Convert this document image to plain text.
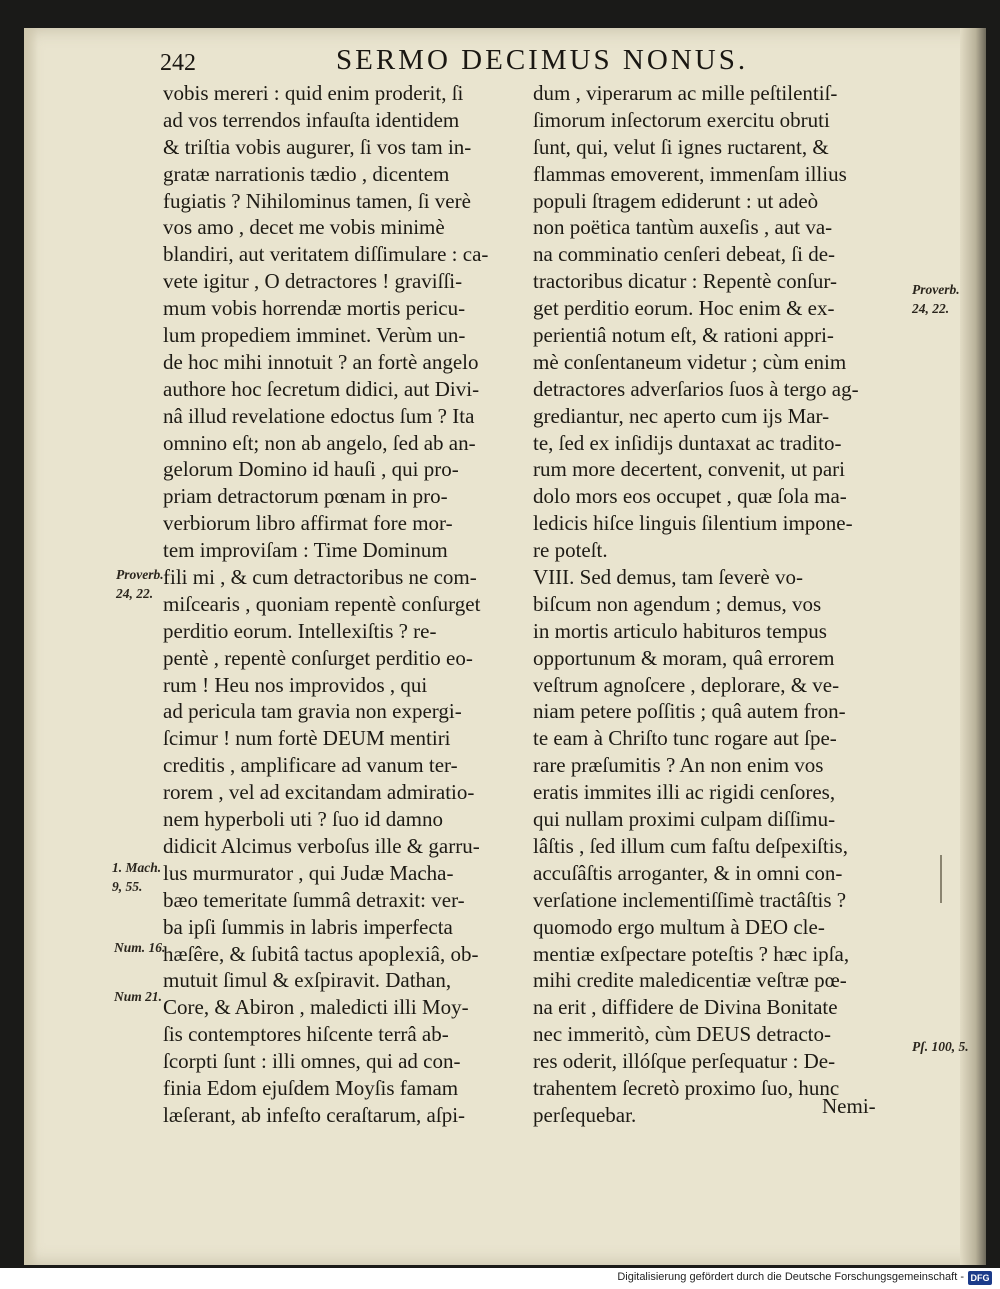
242	SERMO DECIMUS NONUS.
vobis mereri : quid enim proderit, ſi
ad vos terrendos infauſta identidem
& triſtia vobis augurer, ſi vos tam in-
gratæ narrationis tædio , dicentem
fugiatis ? Nihilominus tamen, ſi verè
vos amo , decet me vobis minimè
blandiri, aut veritatem diſſimulare : ca-
vete igitur , O detractores ! graviſſi-
mum vobis horrendæ mortis pericu-
lum propediem imminet. Verùm un-
de hoc mihi innotuit ? an fortè angelo
authore hoc ſecretum didici, aut Divi-
nâ illud revelatione edoctus ſum ? Ita
omnino eſt; non ab angelo, ſed ab an-
gelorum Domino id hauſi , qui pro-
priam detractorum pœnam in pro-
verbiorum libro affirmat fore mor-
tem improviſam : Time Dominum
fili mi , & cum detractoribus ne com-
miſcearis , quoniam repentè conſurget
perditio eorum. Intellexiſtis ? re-
pentè , repentè conſurget perditio eo-
rum ! Heu nos improvidos , qui
ad pericula tam gravia non expergi-
ſcimur ! num fortè DEUM mentiri
creditis , amplificare ad vanum ter-
rorem , vel ad excitandam admiratio-
nem hyperboli uti ? ſuo id damno
didicit Alcimus verboſus ille & garru-
lus murmurator , qui Judæ Macha-
bæo temeritate ſummâ detraxit: ver-
ba ipſi ſummis in labris imperfecta
hæſêre, & ſubitâ tactus apoplexiâ, ob-
mutuit ſimul & exſpiravit. Dathan,
Core, & Abiron , maledicti illi Moy-
ſis contemptores hiſcente terrâ ab-
ſcorpti ſunt : illi omnes, qui ad con-
finia Edom ejuſdem Moyſis famam
læſerant, ab infeſto ceraſtarum, aſpi-
dum , viperarum ac mille peſtilentiſ-
ſimorum inſectorum exercitu obruti
ſunt, qui, velut ſi ignes ructarent, &
flammas emoverent, immenſam illius
populi ſtragem ediderunt : ut adeò
non poëtica tantùm auxeſis , aut va-
na comminatio cenſeri debeat, ſi de-
tractoribus dicatur : Repentè conſur-
get perditio eorum. Hoc enim & ex-
perientiâ notum eſt, & rationi appri-
mè conſentaneum videtur ; cùm enim
detractores adverſarios ſuos à tergo ag-
grediantur, nec aperto cum ijs Mar-
te, ſed ex inſidijs duntaxat ac tradito-
rum more decertent, convenit, ut pari
dolo mors eos occupet , quæ ſola ma-
ledicis hiſce linguis ſilentium impone-
re poteſt.
VIII. Sed demus, tam ſeverè vo-
biſcum non agendum ; demus, vos
in mortis articulo habituros tempus
opportunum & moram, quâ errorem
veſtrum agnoſcere , deplorare, & ve-
niam petere poſſitis ; quâ autem fron-
te eam à Chriſto tunc rogare aut ſpe-
rare præſumitis ? An non enim vos
eratis immites illi ac rigidi cenſores,
qui nullam proximi culpam diſſimu-
lâſtis , ſed illum cum faſtu deſpexiſtis,
accuſâſtis arroganter, & in omni con-
verſatione inclementiſſimè tractâſtis ?
quomodo ergo multum à DEO cle-
mentiæ exſpectare poteſtis ? hæc ipſa,
mihi credite maledicentiæ veſtræ pœ-
na erit , diffidere de Divina Bonitate
nec immeritò, cùm DEUS detracto-
res oderit, illóſque perſequatur : De-
trahentem ſecretò proximo ſuo, hunc
perſequebar.
Proverb.
24, 22.
1. Mach.
9, 55.
Num. 16.
Num 21.
Proverb.
24, 22.
Pſ. 100, 5.
Nemi-
Digitalisierung gefördert durch die Deutsche Forschungsgemeinschaft - DFG
